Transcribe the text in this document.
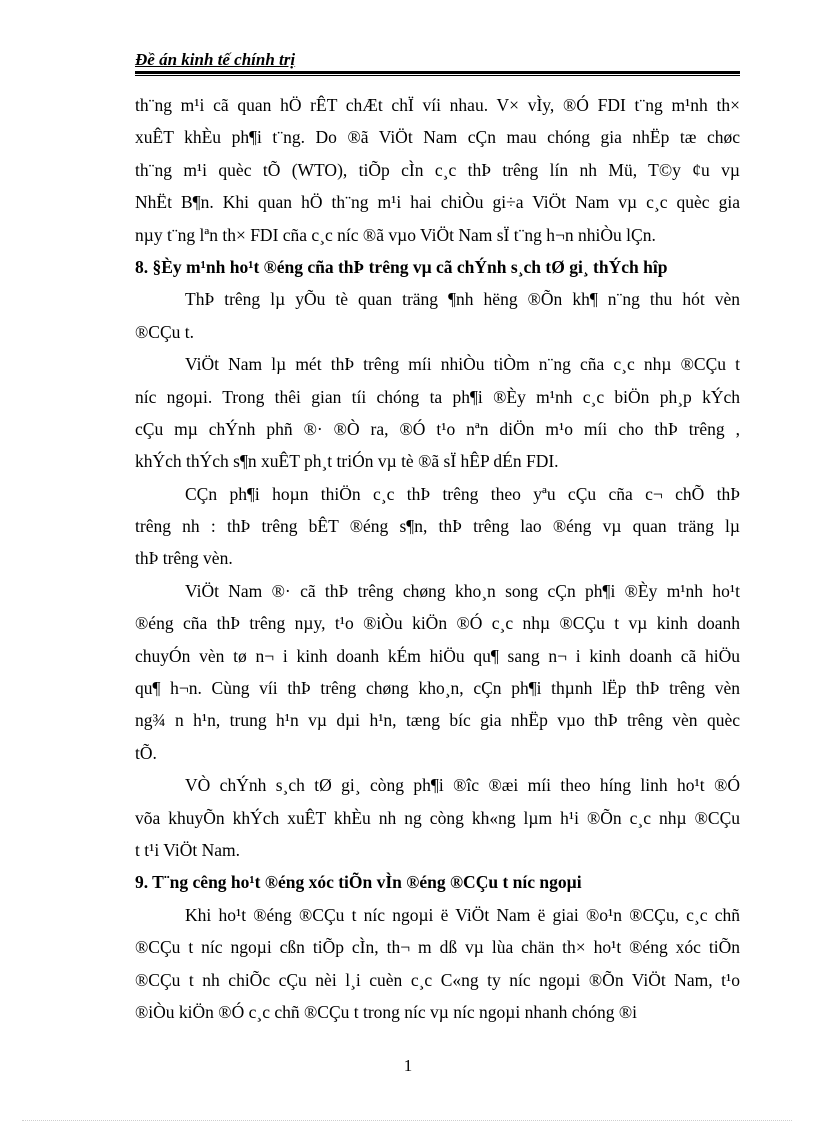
Đề án kinh tế chính trị
th¨ng m¹i cã quan hÖ rÊT chÆt chÏ víi nhau. V× vÌy, ®Ó FDI t¨ng m¹nh th×
xuÊT khÈu ph¶i t¨ng. Do ®ã ViÖt Nam cÇn mau chóng gia nhËp tæ chøc
th¨ng m¹i quèc tÕ (WTO), tiÕp cÌn c¸c thÞ trêng lín nh Mü, T©y ¢u vµ
NhËt B¶n. Khi quan hÖ th¨ng m¹i hai chiÒu gi÷a ViÖt Nam vµ c¸c quèc gia
nµy t¨ng lªn th× FDI cña c¸c níc ®ã vµo ViÖt Nam sÏ t¨ng h¬n nhiÒu lÇn.
8. §Èy m¹nh ho¹t ®éng cña thÞ trêng vµ cã chÝnh s¸ch tØ gi¸ thÝch hîp
ThÞ trêng lµ yÕu tè quan träng ¶nh hëng ®Õn kh¶ n¨ng thu hót vèn
®CÇu t.
ViÖt Nam lµ mét thÞ trêng míi nhiÒu tiÒm n¨ng cña c¸c nhµ ®CÇu t
níc ngoµi. Trong thêi gian tíi chóng ta ph¶i ®Èy m¹nh c¸c biÖn ph¸p kÝch
cÇu mµ chÝnh phñ ®· ®Ò ra, ®Ó t¹o nªn diÖn m¹o míi cho thÞ trêng ,
khÝch thÝch s¶n xuÊT ph¸t triÓn vµ tè ®ã sÏ hÊP dÉn FDI.
CÇn ph¶i hoµn thiÖn c¸c thÞ trêng theo yªu cÇu cña c¬ chÕ thÞ
trêng nh : thÞ trêng bÊT ®éng s¶n, thÞ trêng lao ®éng vµ quan träng lµ
thÞ trêng vèn.
ViÖt Nam ®· cã thÞ trêng chøng kho¸n song cÇn ph¶i ®Èy m¹nh ho¹t
®éng cña thÞ trêng nµy, t¹o ®iÒu kiÖn ®Ó c¸c nhµ ®CÇu t vµ kinh doanh
chuyÓn vèn tø n¬ i kinh doanh kÉm hiÖu qu¶ sang n¬ i kinh doanh cã hiÖu
qu¶ h¬n. Cùng víi thÞ trêng chøng kho¸n, cÇn ph¶i thµnh lËp thÞ trêng vèn
ng¾ n h¹n, trung h¹n vµ dµi h¹n, tæng bíc gia nhËp vµo thÞ trêng vèn quèc
tÕ.
VÒ chÝnh s¸ch tØ gi¸ còng ph¶i ®îc ®æi míi theo híng linh ho¹t ®Ó
võa khuyÕn khÝch xuÊT khÈu nh ng còng kh«ng lµm h¹i ®Õn c¸c nhµ ®CÇu
t t¹i ViÖt Nam.
9. T¨ng cêng ho¹t ®éng xóc tiÕn vÌn ®éng ®CÇu t níc ngoµi
Khi ho¹t ®éng ®CÇu t níc ngoµi ë ViÖt Nam ë giai ®o¹n ®CÇu, c¸c chñ
®CÇu t níc ngoµi cßn tiÕp cÌn, th¬ m dß vµ lùa chän th× ho¹t ®éng xóc tiÕn
®CÇu t nh chiÕc cÇu nèi l¸i cuèn c¸c C«ng ty níc ngoµi ®Õn ViÖt Nam, t¹o
®iÒu kiÖn ®Ó c¸c chñ ®CÇu t trong níc vµ níc ngoµi nhanh chóng ®i
1
